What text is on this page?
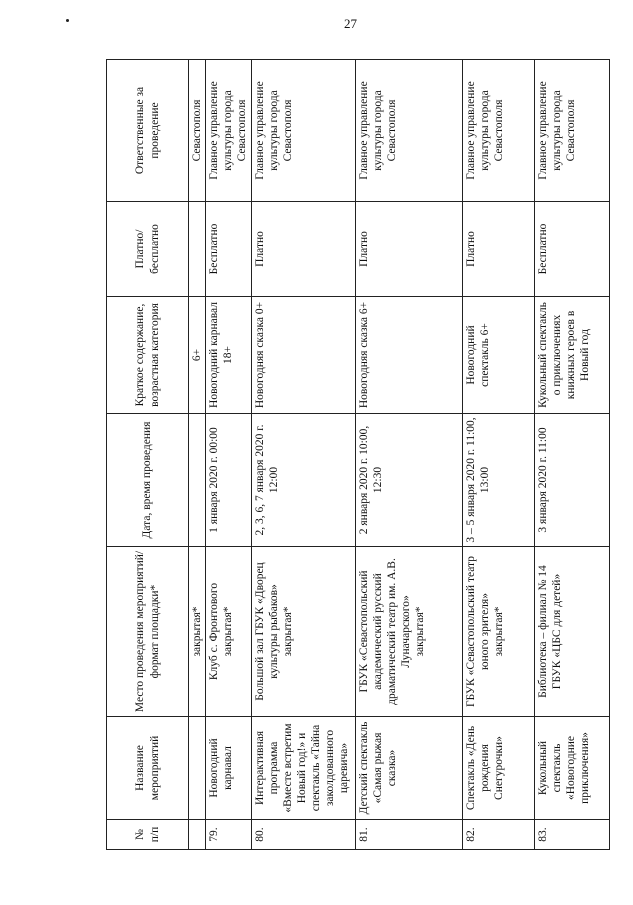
27
№ п/п	Название мероприятий	Место проведения мероприятий/ формат площадки*	Дата, время проведения	Краткое содержание, возрастная категория	Платно/ бесплатно	Ответственные за проведение
		закрытая*		6+		Севастополя
79.	Новогодний карнавал	Клуб с. Фронтового закрытая*	1 января 2020 г. 00:00	Новогодний карнавал 18+	Бесплатно	Главное управление культуры города Севастополя
80.	Интерактивная программа «Вместе встретим Новый год!» и спектакль «Тайна заколдованного царевича»	Большой зал ГБУК «Дворец культуры рыбаков» закрытая*	2, 3, 6, 7 января 2020 г. 12:00	Новогодняя сказка 0+	Платно	Главное управление культуры города Севастополя
81.	Детский спектакль «Самая рыжая сказка»	ГБУК «Севастопольский академический русский драматический театр им. А.В. Луначарского» закрытая*	2 января 2020 г. 10:00, 12:30	Новогодняя сказка 6+	Платно	Главное управление культуры города Севастополя
82.	Спектакль «День рождения Снегурочки»	ГБУК «Севастопольский театр юного зрителя» закрытая*	3 – 5 января 2020 г. 11:00, 13:00	Новогодний спектакль 6+	Платно	Главное управление культуры города Севастополя
83.	Кукольный спектакль «Новогодние приключения»	Библиотека – филиал № 14 ГБУК «ЦБС для детей»	3 января 2020 г. 11:00	Кукольный спектакль о приключениях книжных героев в Новый год	Бесплатно	Главное управление культуры города Севастополя
